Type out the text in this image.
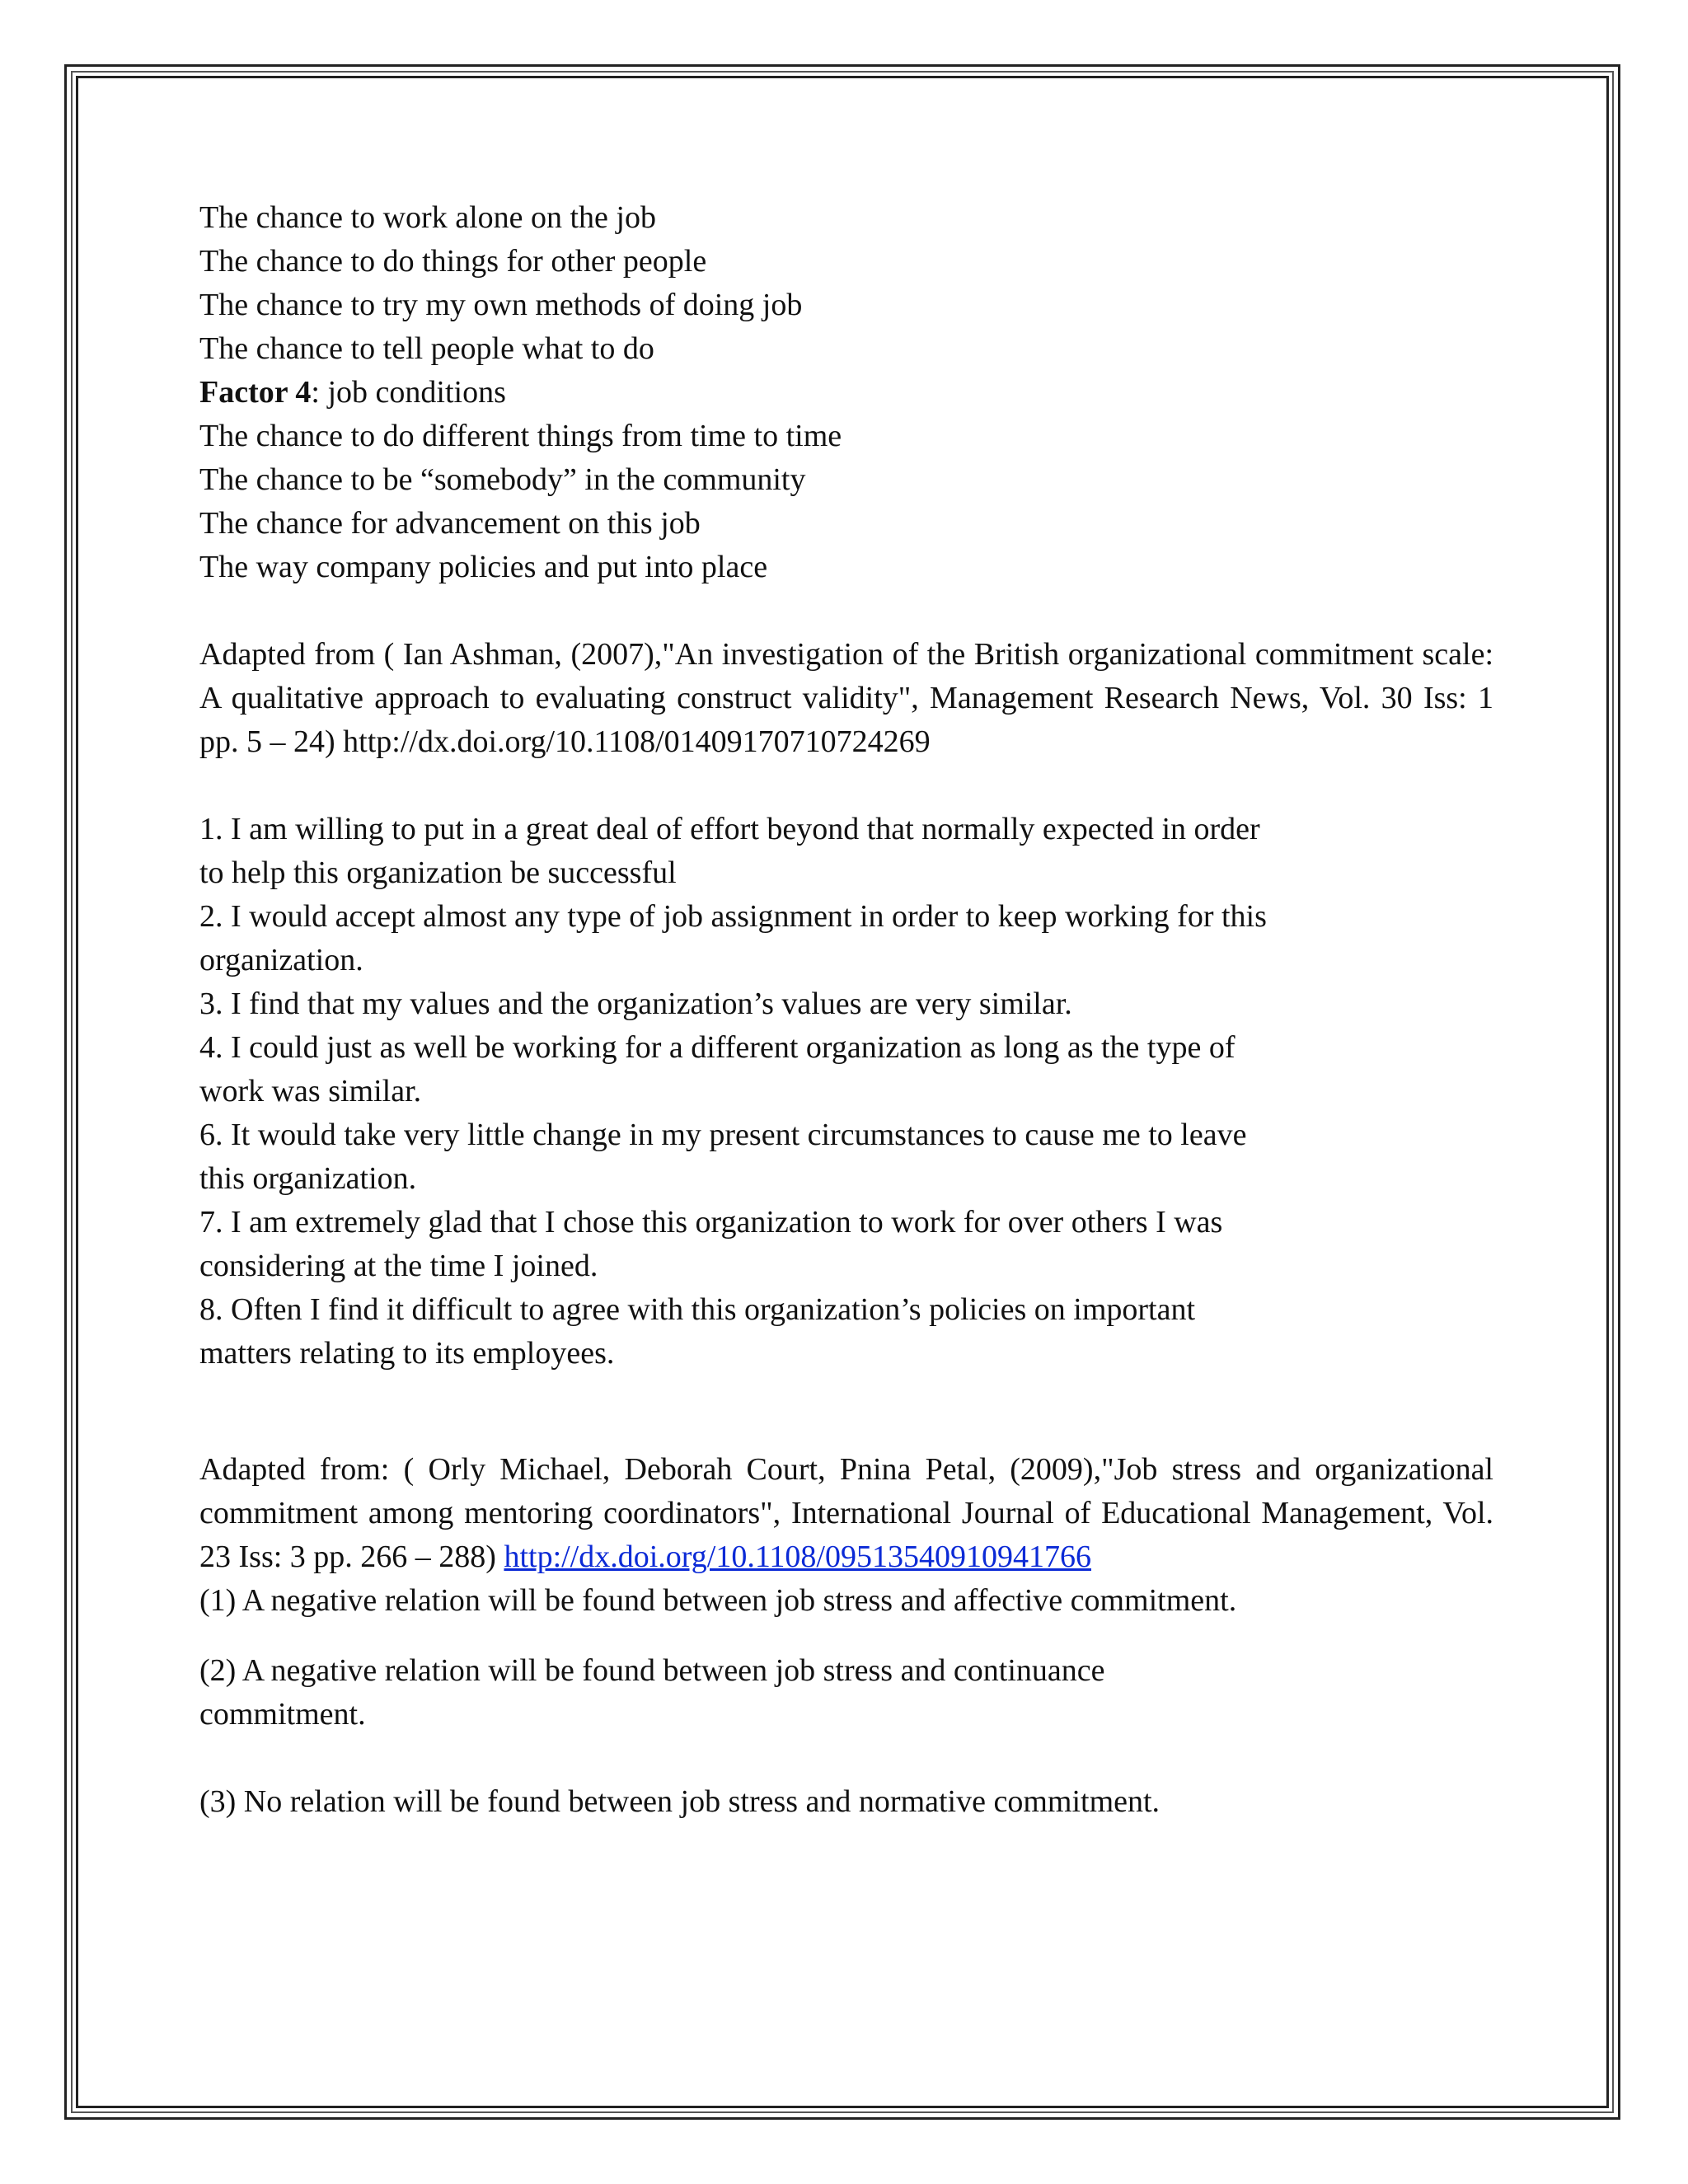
The chance to work alone on the job
The chance to do things for other people
The chance to try my own methods of doing job
The chance to tell people what to do
Factor 4: job conditions
The chance to do different things from time to time
The chance to be “somebody” in the community
The chance for advancement on this job
The way company policies and put into place
Adapted from ( Ian Ashman, (2007),"An investigation of the British organizational commitment scale: A qualitative approach to evaluating construct validity", Management Research News, Vol. 30 Iss: 1 pp. 5 – 24) http://dx.doi.org/10.1108/01409170710724269
1. I am willing to put in a great deal of effort beyond that normally expected in order
to help this organization be successful
2. I would accept almost any type of job assignment in order to keep working for this
organization.
3. I find that my values and the organization’s values are very similar.
4. I could just as well be working for a different organization as long as the type of
work was similar.
6. It would take very little change in my present circumstances to cause me to leave
this organization.
7. I am extremely glad that I chose this organization to work for over others I was
considering at the time I joined.
8. Often I find it difficult to agree with this organization’s policies on important
matters relating to its employees.
Adapted from: ( Orly Michael, Deborah Court, Pnina Petal, (2009),"Job stress and organizational commitment among mentoring coordinators", International Journal of Educational Management, Vol. 23 Iss: 3 pp. 266 – 288) http://dx.doi.org/10.1108/09513540910941766
(1) A negative relation will be found between job stress and affective commitment.
(2) A negative relation will be found between job stress and continuance
commitment.
(3) No relation will be found between job stress and normative commitment.
